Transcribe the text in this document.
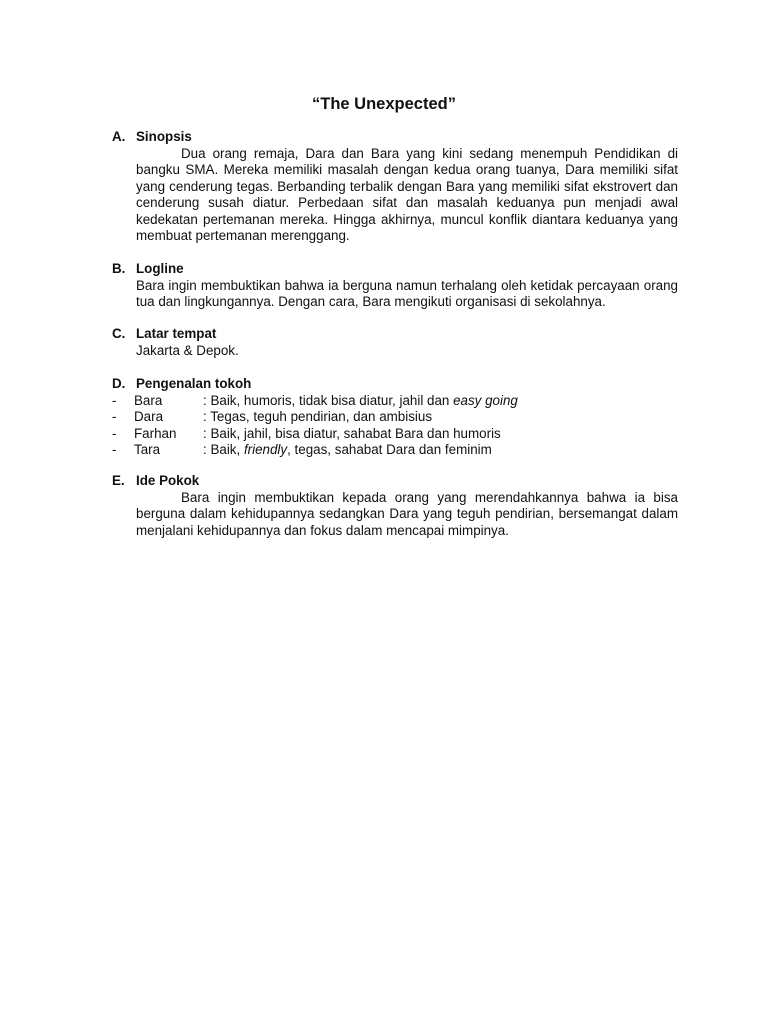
“The Unexpected”
A. Sinopsis
Dua orang remaja, Dara dan Bara yang kini sedang menempuh Pendidikan di bangku SMA. Mereka memiliki masalah dengan kedua orang tuanya, Dara memiliki sifat yang cenderung tegas. Berbanding terbalik dengan Bara yang memiliki sifat ekstrovert dan cenderung susah diatur. Perbedaan sifat dan masalah keduanya pun menjadi awal kedekatan pertemanan mereka. Hingga akhirnya, muncul konflik diantara keduanya yang membuat pertemanan merenggang.
B. Logline
Bara ingin membuktikan bahwa ia berguna namun terhalang oleh ketidak percayaan orang tua dan lingkungannya. Dengan cara, Bara mengikuti organisasi di sekolahnya.
C. Latar tempat
Jakarta & Depok.
D. Pengenalan tokoh
-	Bara	: Baik, humoris, tidak bisa diatur, jahil dan easy going
-	Dara	: Tegas, teguh pendirian, dan ambisius
-	Farhan	: Baik, jahil, bisa diatur, sahabat Bara dan humoris
-	Tara	: Baik, friendly, tegas, sahabat Dara dan feminim
E. Ide Pokok
Bara ingin membuktikan kepada orang yang merendahkannya bahwa ia bisa berguna dalam kehidupannya sedangkan Dara yang teguh pendirian, bersemangat dalam menjalani kehidupannya dan fokus dalam mencapai mimpinya.
